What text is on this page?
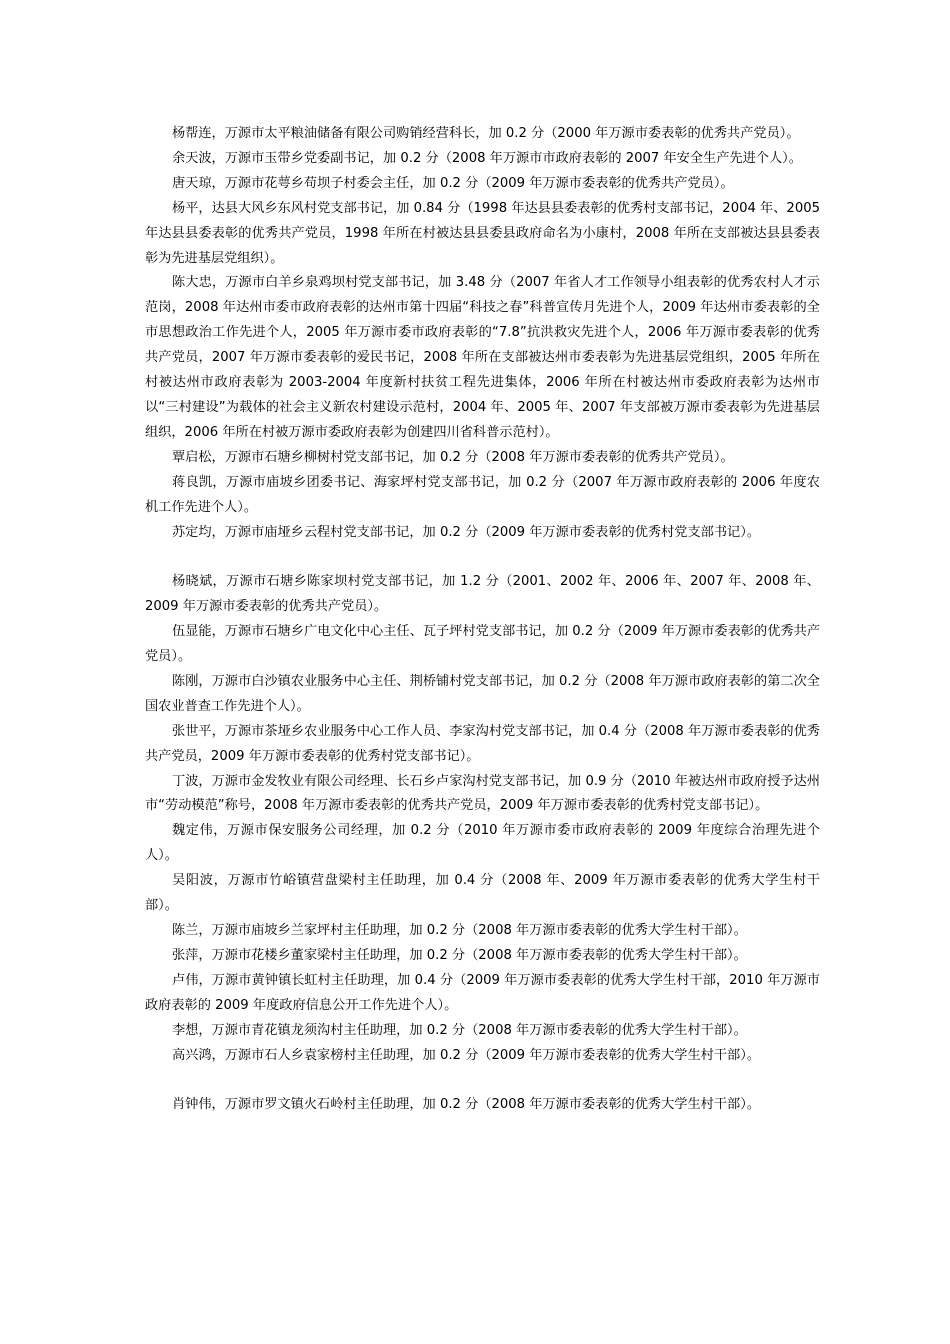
杨帮连，万源市太平粮油储备有限公司购销经营科长，加 0.2 分（2000 年万源市委表彰的优秀共产党员）。

余天波，万源市玉带乡党委副书记，加 0.2 分（2008 年万源市市政府表彰的 2007 年安全生产先进个人）。

唐天琼，万源市花萼乡苟坝子村委会主任，加 0.2 分（2009 年万源市委表彰的优秀共产党员）。

杨平，达县大风乡东风村党支部书记，加 0.84 分（1998 年达县县委表彰的优秀村支部书记，2004 年、2005 年达县县委表彰的优秀共产党员，1998 年所在村被达县县委县政府命名为小康村，2008 年所在支部被达县县委表彰为先进基层党组织）。

陈大忠，万源市白羊乡泉鸡坝村党支部书记，加 3.48 分（2007 年省人才工作领导小组表彰的优秀农村人才示范岗，2008 年达州市委市政府表彰的达州市第十四届“科技之春”科普宣传月先进个人，2009 年达州市委表彰的全市思想政治工作先进个人，2005 年万源市委市政府表彰的“7.8”抗洪救灾先进个人，2006 年万源市委表彰的优秀共产党员，2007 年万源市委表彰的爱民书记，2008 年所在支部被达州市委表彰为先进基层党组织，2005 年所在村被达州市政府表彰为 2003-2004 年度新村扶贫工程先进集体，2006 年所在村被达州市委政府表彰为达州市以“三村建设”为载体的社会主义新农村建设示范村，2004 年、2005 年、2007 年支部被万源市委表彰为先进基层组织，2006 年所在村被万源市委政府表彰为创建四川省科普示范村）。

覃启松，万源市石塘乡柳树村党支部书记，加 0.2 分（2008 年万源市委表彰的优秀共产党员）。

蒋良凯，万源市庙坡乡团委书记、海家坪村党支部书记，加 0.2 分（2007 年万源市政府表彰的 2006 年度农机工作先进个人）。

苏定均，万源市庙垭乡云程村党支部书记，加 0.2 分（2009 年万源市委表彰的优秀村党支部书记）。

杨晓斌，万源市石塘乡陈家坝村党支部书记，加 1.2 分（2001、2002 年、2006 年、2007 年、2008 年、2009 年万源市委表彰的优秀共产党员）。

伍显能，万源市石塘乡广电文化中心主任、瓦子坪村党支部书记，加 0.2 分（2009 年万源市委表彰的优秀共产党员）。

陈刚，万源市白沙镇农业服务中心主任、荆桥铺村党支部书记，加 0.2 分（2008 年万源市政府表彰的第二次全国农业普查工作先进个人）。

张世平，万源市茶垭乡农业服务中心工作人员、李家沟村党支部书记，加 0.4 分（2008 年万源市委表彰的优秀共产党员，2009 年万源市委表彰的优秀村党支部书记）。

丁波，万源市金发牧业有限公司经理、长石乡卢家沟村党支部书记，加 0.9 分（2010 年被达州市政府授予达州市“劳动模范”称号，2008 年万源市委表彰的优秀共产党员，2009 年万源市委表彰的优秀村党支部书记）。

魏定伟，万源市保安服务公司经理，加 0.2 分（2010 年万源市委市政府表彰的 2009 年度综合治理先进个人）。

吴阳波，万源市竹峪镇营盘梁村主任助理，加 0.4 分（2008 年、2009 年万源市委表彰的优秀大学生村干部）。

陈兰，万源市庙坡乡兰家坪村主任助理，加 0.2 分（2008 年万源市委表彰的优秀大学生村干部）。

张萍，万源市花楼乡董家梁村主任助理，加 0.2 分（2008 年万源市委表彰的优秀大学生村干部）。

卢伟，万源市黄钟镇长虹村主任助理，加 0.4 分（2009 年万源市委表彰的优秀大学生村干部，2010 年万源市政府表彰的 2009 年度政府信息公开工作先进个人）。

李想，万源市青花镇龙须沟村主任助理，加 0.2 分（2008 年万源市委表彰的优秀大学生村干部）。

高兴鸿，万源市石人乡袁家榜村主任助理，加 0.2 分（2009 年万源市委表彰的优秀大学生村干部）。

肖钟伟，万源市罗文镇火石岭村主任助理，加 0.2 分（2008 年万源市委表彰的优秀大学生村干部）。
